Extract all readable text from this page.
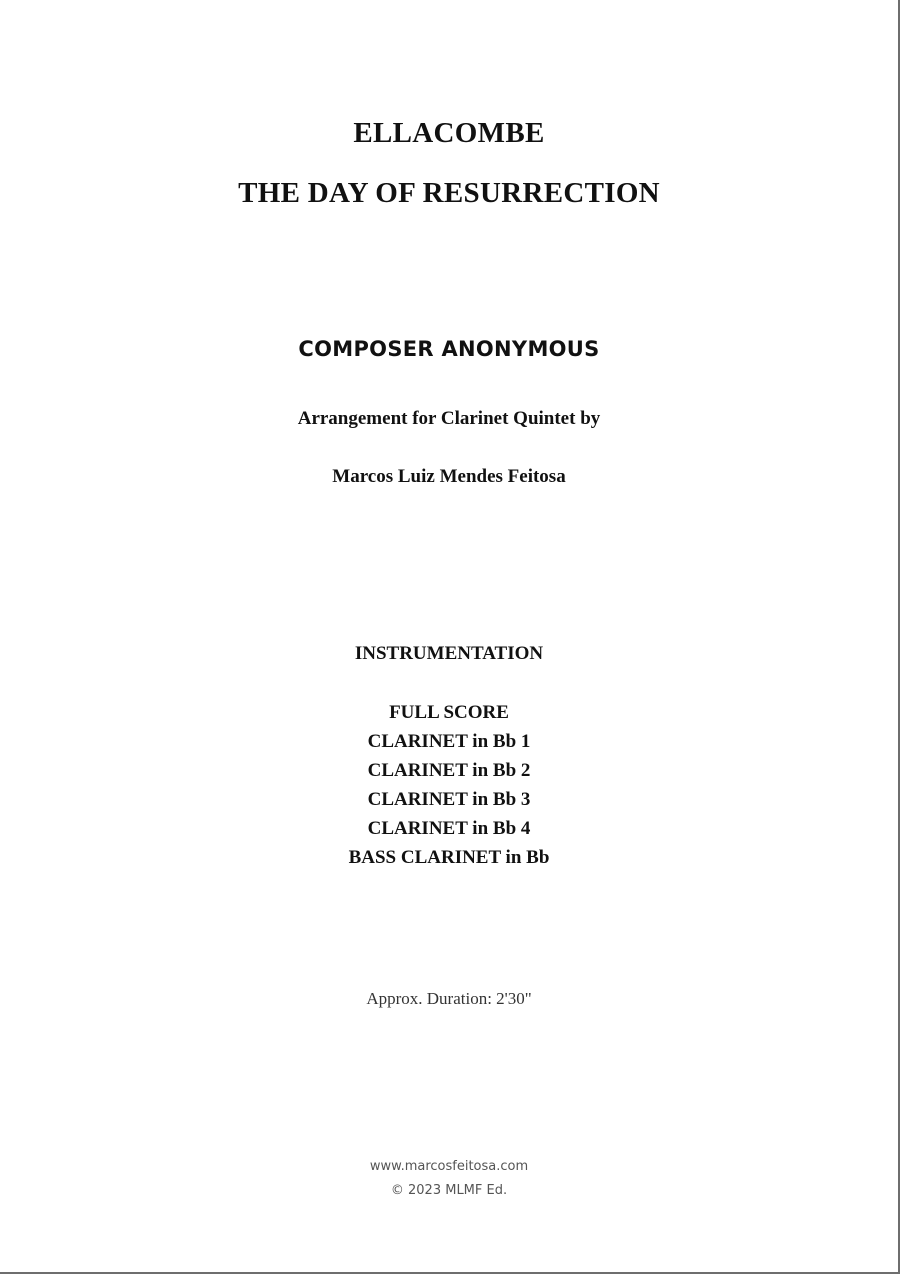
ELLACOMBE
THE DAY OF RESURRECTION
COMPOSER ANONYMOUS
Arrangement for Clarinet Quintet by
Marcos Luiz Mendes Feitosa
INSTRUMENTATION
FULL SCORE
CLARINET in Bb 1
CLARINET in Bb 2
CLARINET in Bb 3
CLARINET in Bb 4
BASS CLARINET in Bb
Approx. Duration: 2'30"
www.marcosfeitosa.com
© 2023 MLMF Ed.
